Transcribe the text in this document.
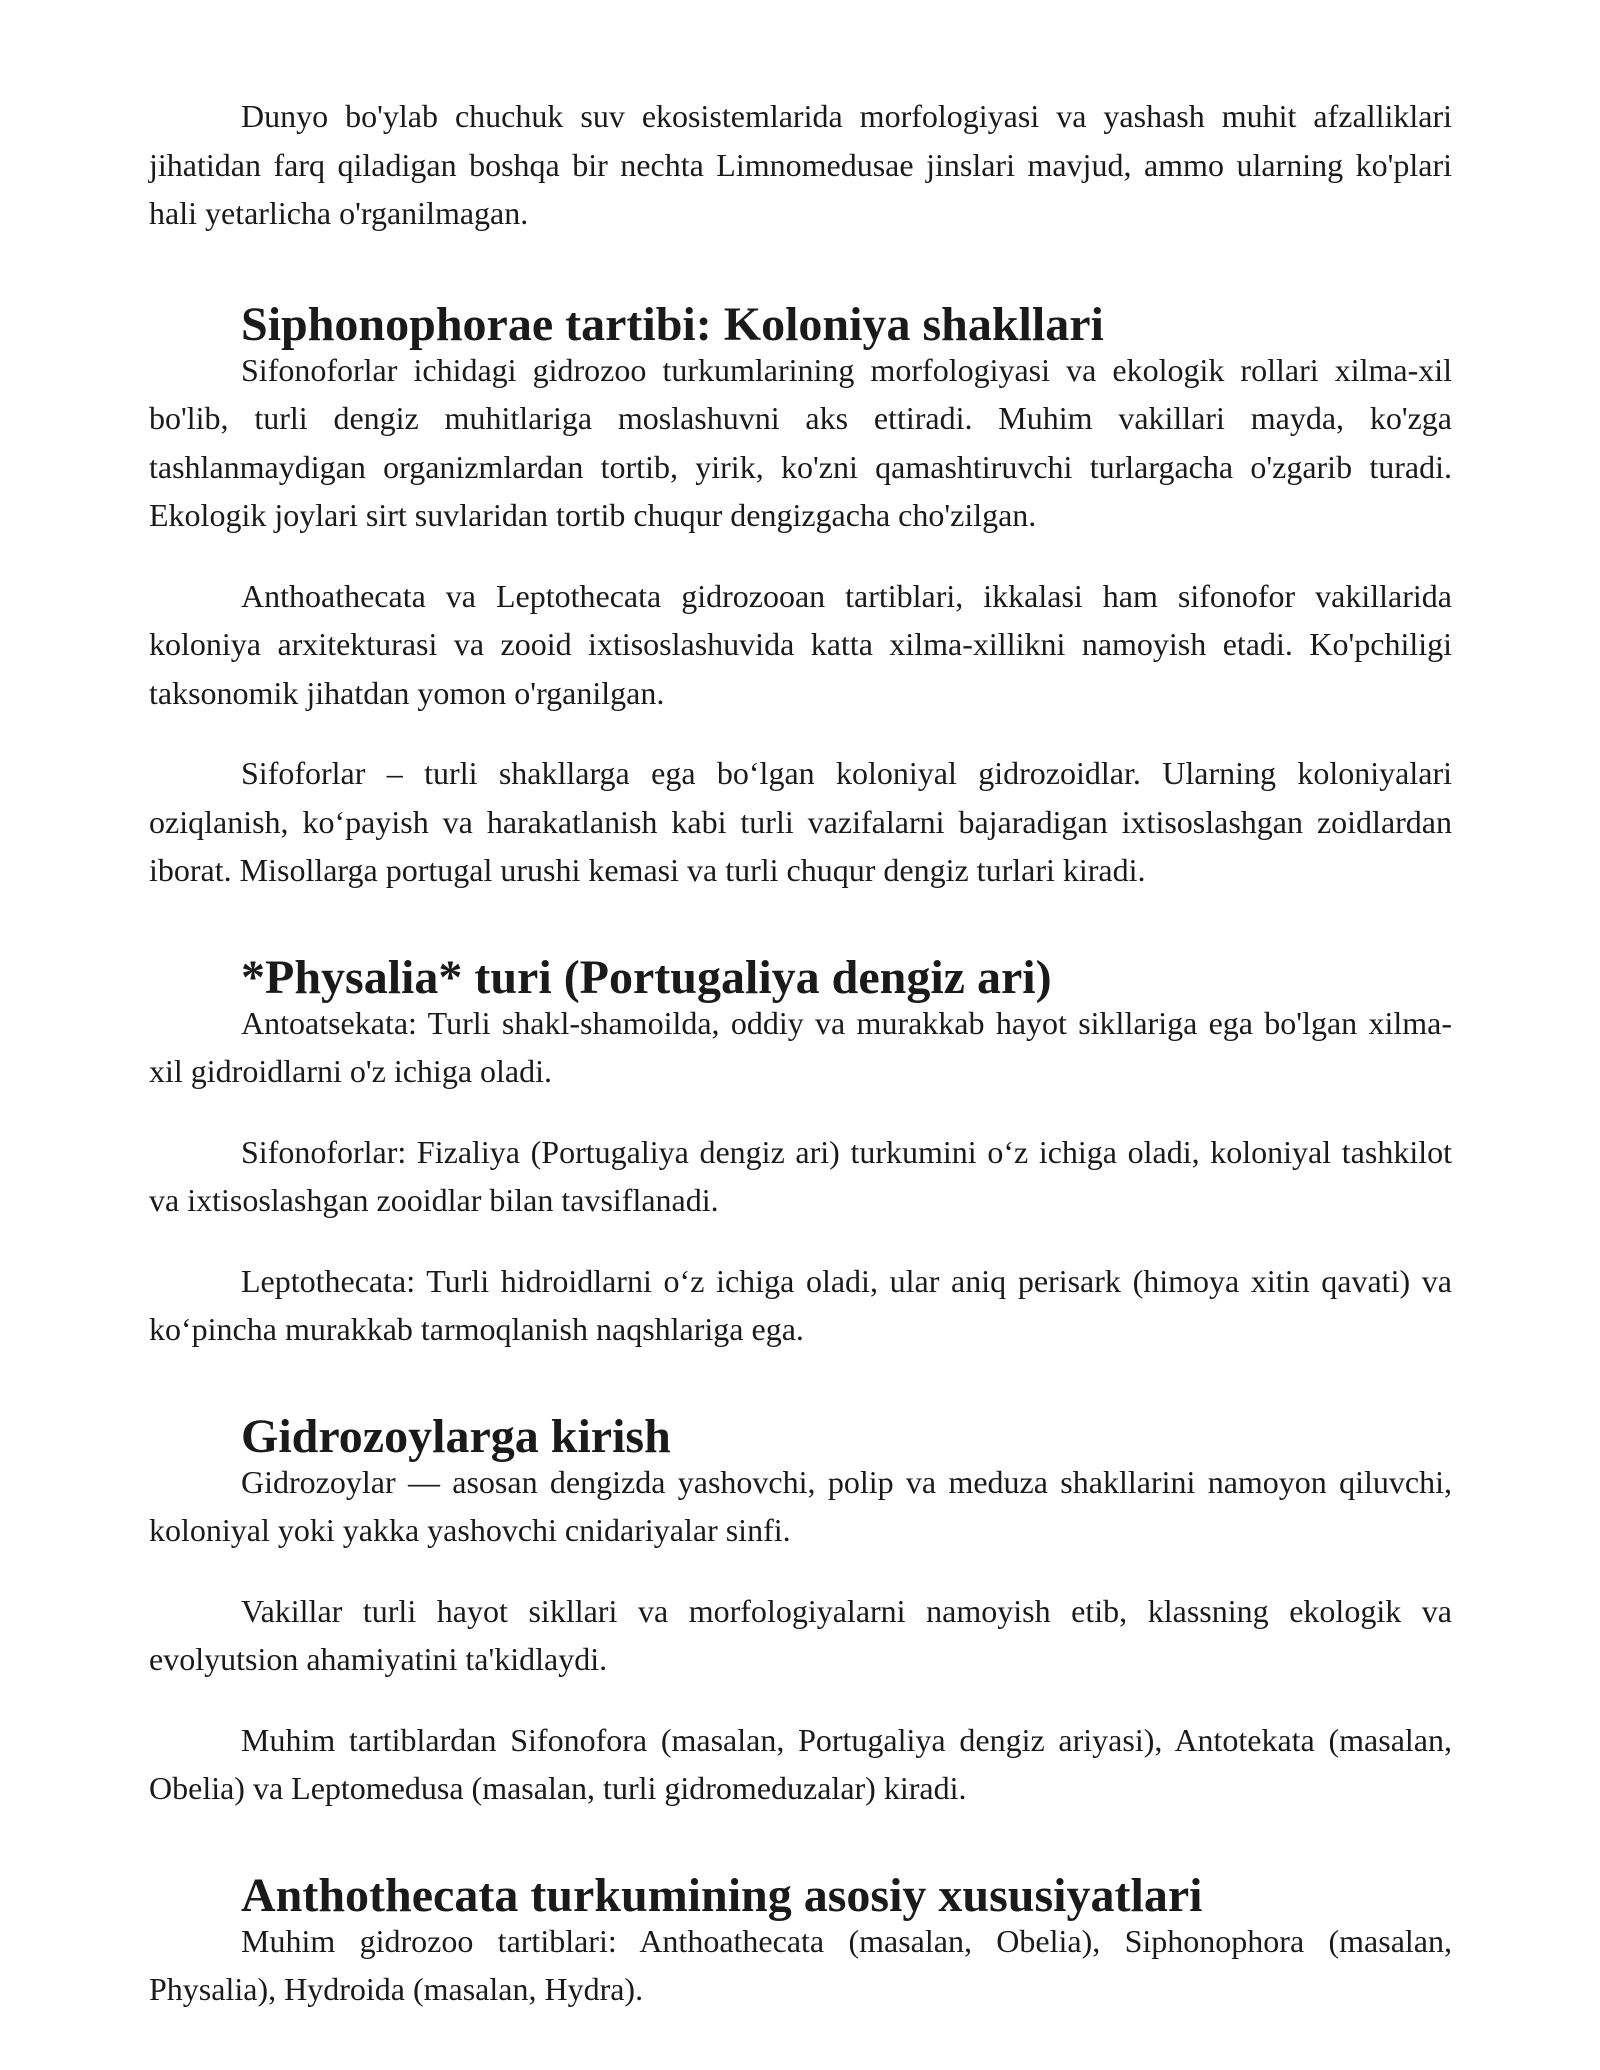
Dunyo bo'ylab chuchuk suv ekosistemlarida morfologiyasi va yashash muhit afzalliklari jihatidan farq qiladigan boshqa bir nechta Limnomedusae jinslari mavjud, ammo ularning ko'plari hali yetarlicha o'rganilmagan.

Siphonophorae tartibi: Koloniya shakllari

Sifonoforlar ichidagi gidrozoo turkumlarining morfologiyasi va ekologik rollari xilma-xil bo'lib, turli dengiz muhitlariga moslashuvni aks ettiradi. Muhim vakillari mayda, ko'zga tashlanmaydigan organizmlardan tortib, yirik, ko'zni qamashtiruvchi turlargacha o'zgarib turadi. Ekologik joylari sirt suvlaridan tortib chuqur dengizgacha cho'zilgan.

Anthoathecata va Leptothecata gidrozooan tartiblari, ikkalasi ham sifonofor vakillarida koloniya arxitekturasi va zooid ixtisoslashuvida katta xilma-xillikni namoyish etadi. Ko'pchiligi taksonomik jihatdan yomon o'rganilgan.

Sifoforlar – turli shakllarga ega bo‘lgan koloniyal gidrozoidlar. Ularning koloniyalari oziqlanish, ko‘payish va harakatlanish kabi turli vazifalarni bajaradigan ixtisoslashgan zoidlardan iborat. Misollarga portugal urushi kemasi va turli chuqur dengiz turlari kiradi.

*Physalia* turi (Portugaliya dengiz ari)

Antoatsekata: Turli shakl-shamoilda, oddiy va murakkab hayot sikllariga ega bo'lgan xilma-xil gidroidlarni o'z ichiga oladi.

Sifonoforlar: Fizaliya (Portugaliya dengiz ari) turkumini o‘z ichiga oladi, koloniyal tashkilot va ixtisoslashgan zooidlar bilan tavsiflanadi.

Leptothecata: Turli hidroidlarni o‘z ichiga oladi, ular aniq perisark (himoya xitin qavati) va ko‘pincha murakkab tarmoqlanish naqshlariga ega.

Gidrozoylarga kirish

Gidrozoylar — asosan dengizda yashovchi, polip va meduza shakllarini namoyon qiluvchi, koloniyal yoki yakka yashovchi cnidariyalar sinfi.

Vakillar turli hayot sikllari va morfologiyalarni namoyish etib, klassning ekologik va evolyutsion ahamiyatini ta'kidlaydi.

Muhim tartiblardan Sifonofora (masalan, Portugaliya dengiz ariyasi), Antotekata (masalan, Obelia) va Leptomedusa (masalan, turli gidromeduzalar) kiradi.

Anthothecata turkumining asosiy xususiyatlari

Muhim gidrozoo tartiblari: Anthoathecata (masalan, Obelia), Siphonophora (masalan, Physalia), Hydroida (masalan, Hydra).
